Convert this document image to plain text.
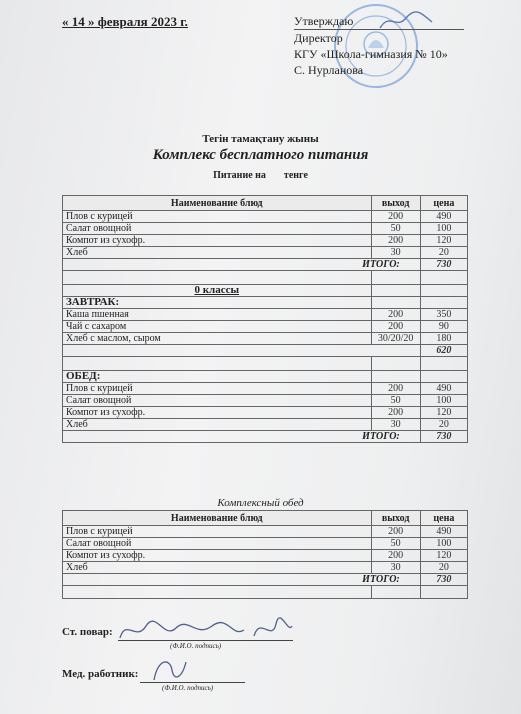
« 14 » февраля 2023 г.	Утверждаю
Директор
КГУ «Школа-гимназия № 10»
С. Нурланова
Тегін тамақтану жыны
Комплекс бесплатного питания
Питание на тенге
Наименование блюд	выход	цена
Плов с курицей	200	490
Салат овощной	50	100
Компот из сухофр.	200	120
Хлеб	30	20
ИТОГО:		730

0 классы		
ЗАВТРАК:		
Каша пшенная	200	350
Чай с сахаром	200	90
Хлеб с маслом, сыром	30/20/20	180
		620

ОБЕД:		
Плов с курицей	200	490
Салат овощной	50	100
Компот из сухофр.	200	120
Хлеб	30	20
ИТОГО:		730
Комплексный обед
Наименование блюд	выход	цена
Плов с курицей	200	490
Салат овощной	50	100
Компот из сухофр.	200	120
Хлеб	30	20
ИТОГО:		730

Ст. повар:
(Ф.И.О. подпись)
Мед. работник:
(Ф.И.О. подпись)
